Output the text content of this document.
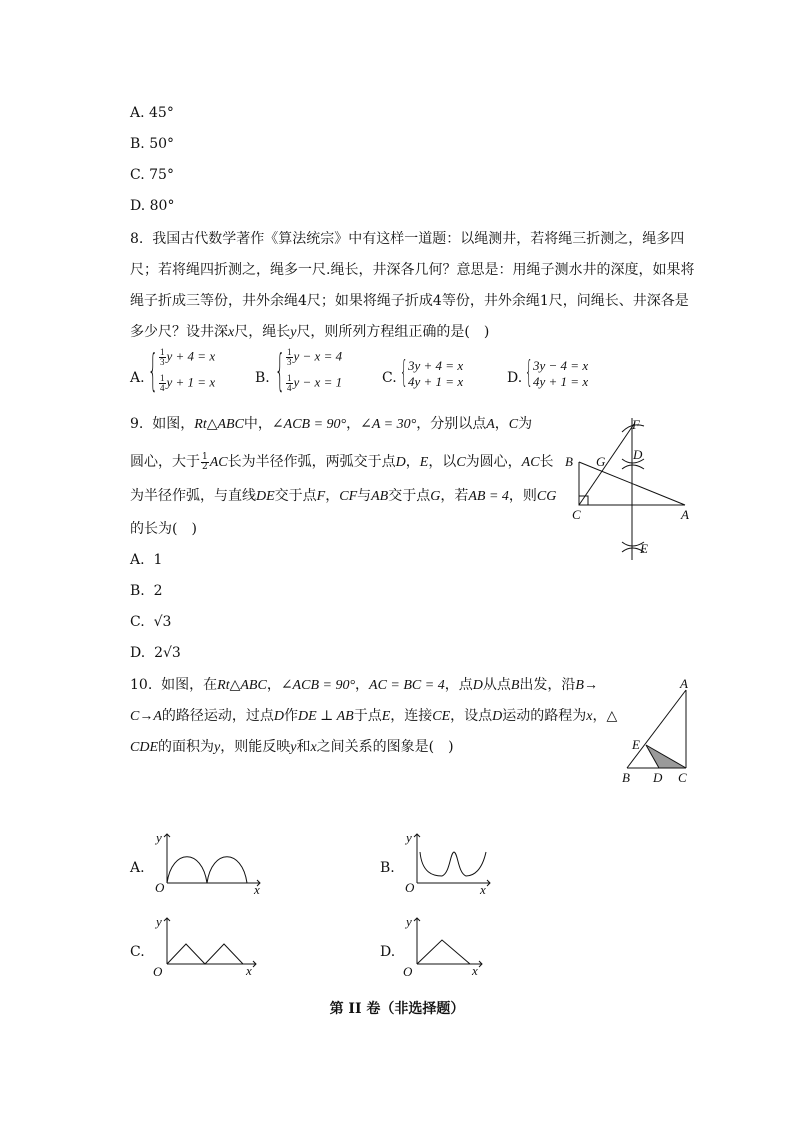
A. 45°
B. 50°
C. 75°
D. 80°
8. 我国古代数学著作《算法统宗》中有这样一道题：以绳测井，若将绳三折测之，绳多四
尺；若将绳四折测之，绳多一尺.绳长，井深各几何？意思是：用绳子测水井的深度，如果将
绳子折成三等份，井外余绳4尺；如果将绳子折成4等份，井外余绳1尺，问绳长、井深各是
多少尺？设井深x尺，绳长y尺，则所列方程组正确的是(　)
A. { $\frac{1}{3}$ y + 4 = x
$\frac{1}{4}$ y + 1 = x	B. { $\frac{1}{3}$ y − x = 4
$\frac{1}{4}$ y − x = 1	C. { 3y + 4 = x
4y + 1 = x	D. { 3y − 4 = x
4y + 1 = x
9. 如图，Rt△ABC中，∠ACB = 90°，∠A = 30°，分别以点A，C为
圆心，大于 $\frac{1}{2}$ AC长为半径作弧，两弧交于点D，E，以C为圆心，AC长
为半径作弧，与直线DE交于点F，CF与AB交于点G，若AB = 4，则CG
的长为(　)
A. 1
B. 2
C. √3
D. 2√3
F
B G D
C	A
E
10. 如图，在Rt△ABC，∠ACB = 90°，AC = BC = 4，点D从点B出发，沿B→
C→A的路径运动，过点D作DE ⊥ AB于点E，连接CE，设点D运动的路程为x，△
CDE的面积为y，则能反映y和x之间关系的图象是(　)
A
E
B D C
A.
y
x
O
B.
y
x
O
C.
y
x
O
D.
y
x
O
第 II 卷（非选择题）
